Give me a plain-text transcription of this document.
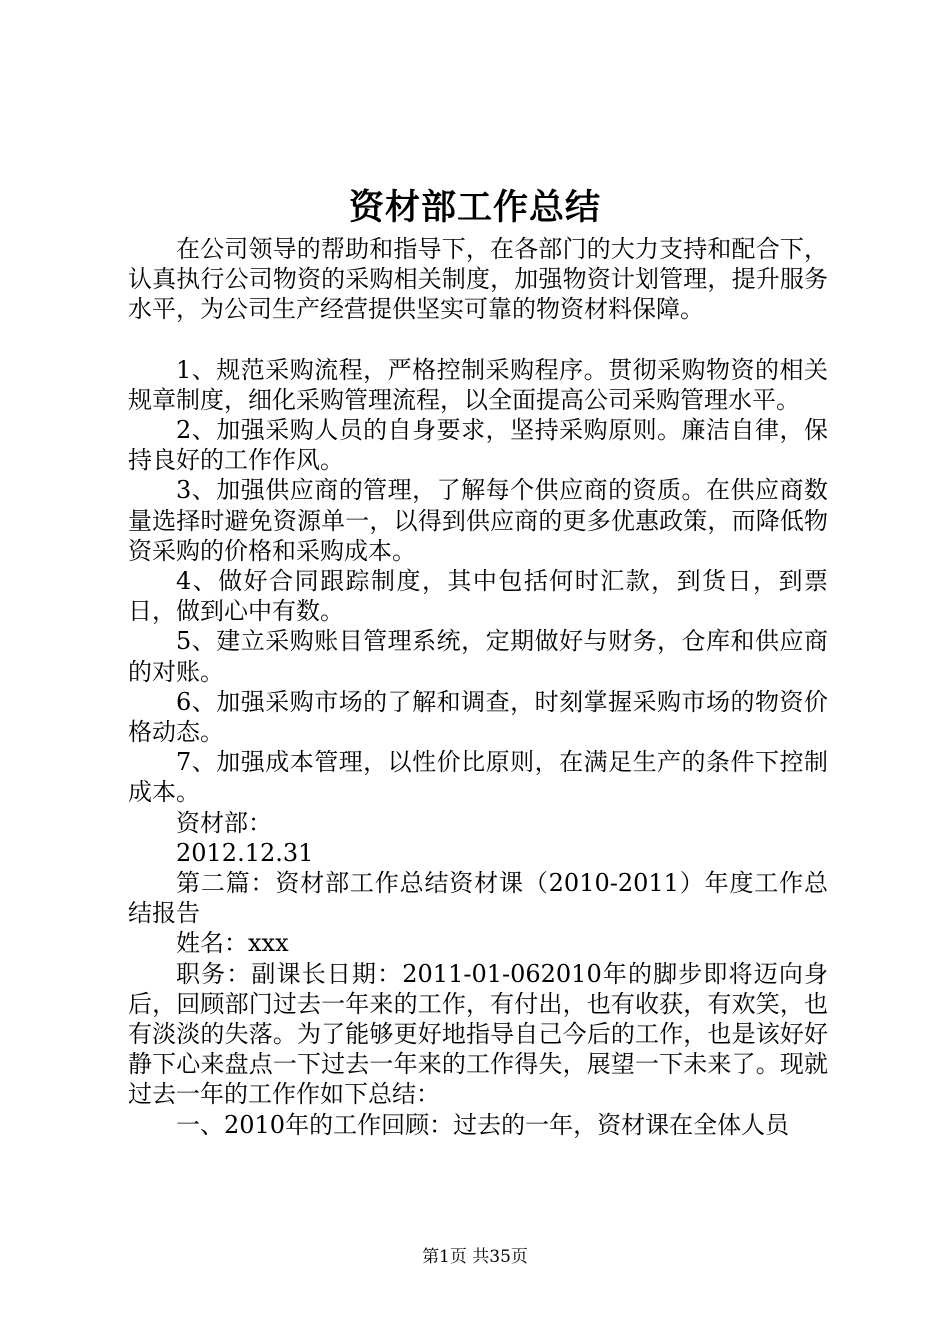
资材部工作总结

在公司领导的帮助和指导下，在各部门的大力支持和配合下，认真执行公司物资的采购相关制度，加强物资计划管理，提升服务水平，为公司生产经营提供坚实可靠的物资材料保障。

1、规范采购流程，严格控制采购程序。贯彻采购物资的相关规章制度，细化采购管理流程，以全面提高公司采购管理水平。

2、加强采购人员的自身要求，坚持采购原则。廉洁自律，保持良好的工作作风。

3、加强供应商的管理，了解每个供应商的资质。在供应商数量选择时避免资源单一，以得到供应商的更多优惠政策，而降低物资采购的价格和采购成本。

4、做好合同跟踪制度，其中包括何时汇款，到货日，到票日，做到心中有数。

5、建立采购账目管理系统，定期做好与财务，仓库和供应商的对账。

6、加强采购市场的了解和调查，时刻掌握采购市场的物资价格动态。

7、加强成本管理，以性价比原则，在满足生产的条件下控制成本。

资材部：

2012.12.31

第二篇：资材部工作总结资材课（2010-2011）年度工作总结报告

姓名：xxx

职务：副课长日期：2011-01-062010年的脚步即将迈向身后，回顾部门过去一年来的工作，有付出，也有收获，有欢笑，也有淡淡的失落。为了能够更好地指导自己今后的工作，也是该好好静下心来盘点一下过去一年来的工作得失，展望一下未来了。现就过去一年的工作作如下总结：

一、2010年的工作回顾：过去的一年，资材课在全体人员

第1页 共35页
